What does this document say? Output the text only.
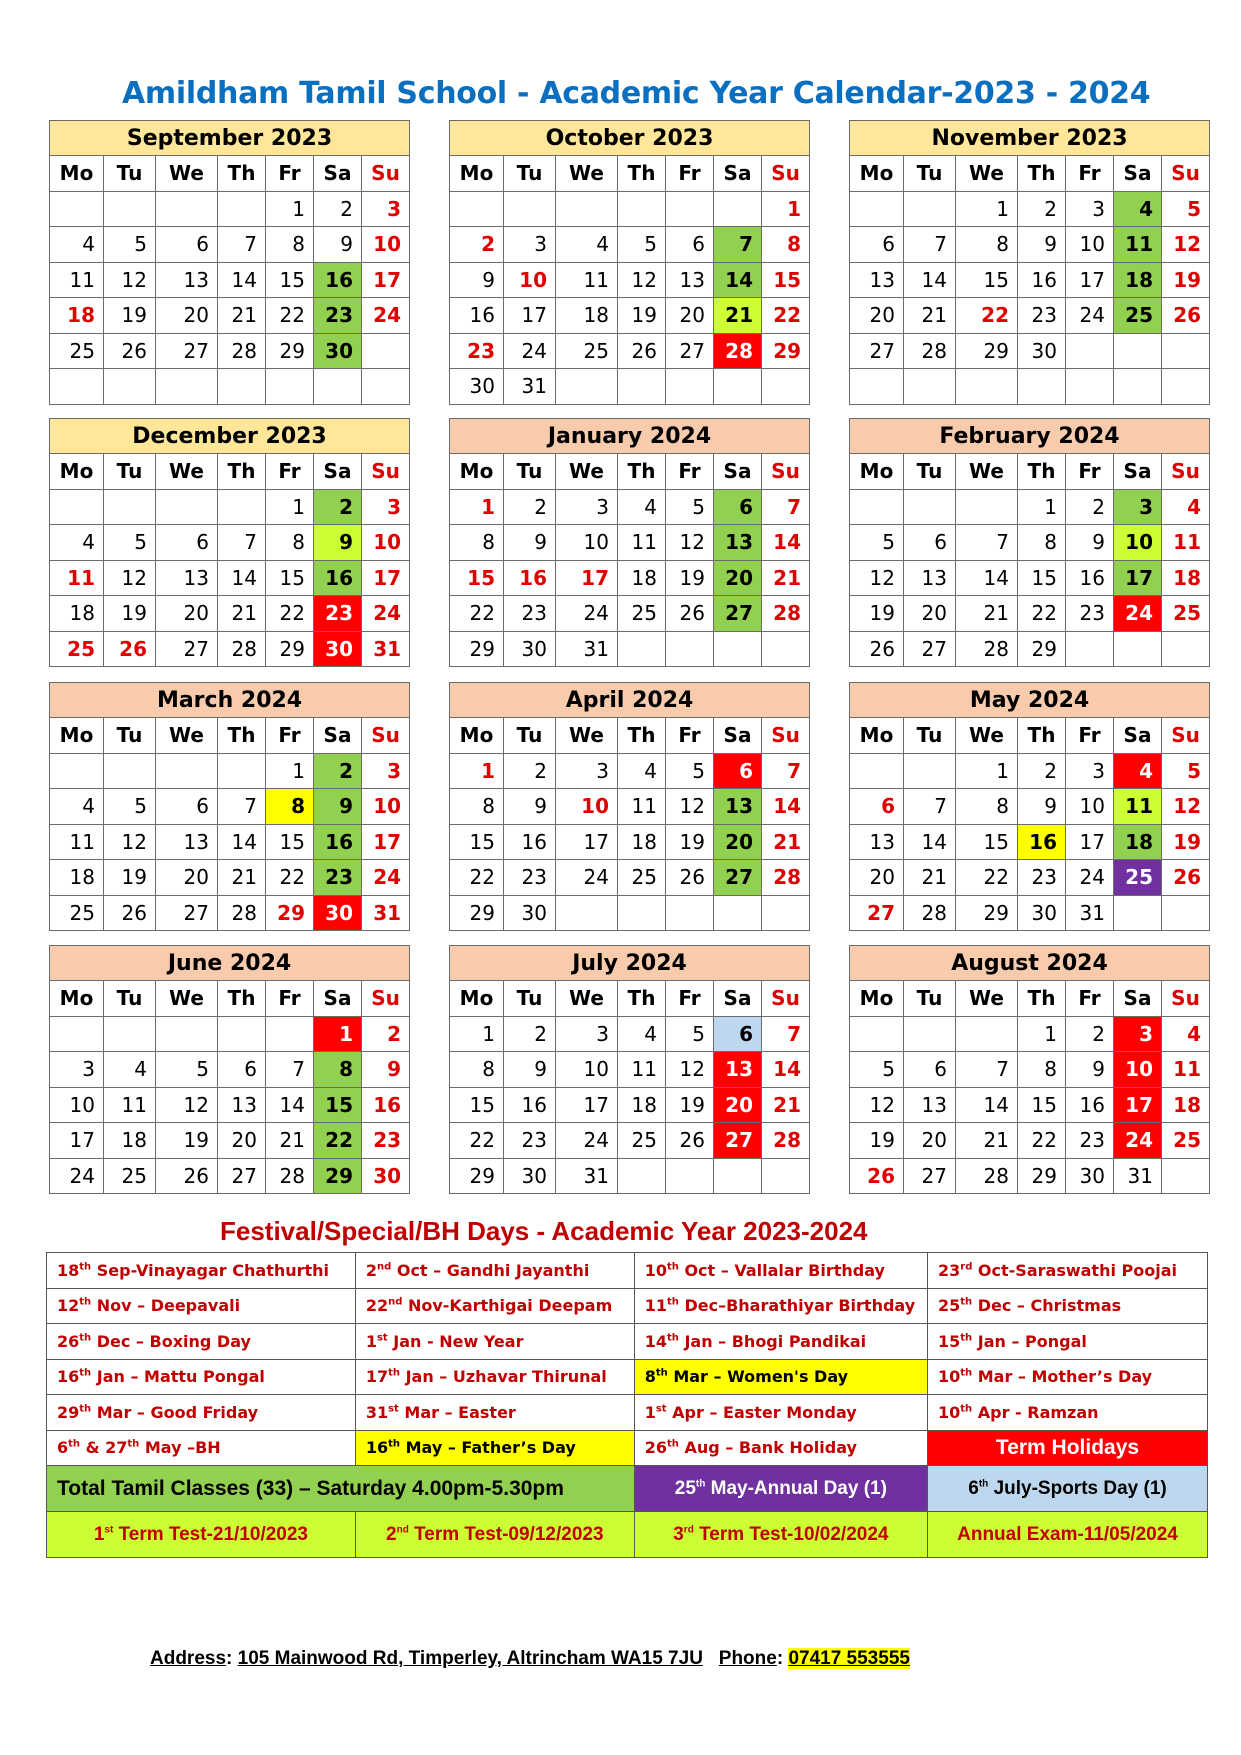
Amildham Tamil School - Academic Year Calendar-2023 - 2024
September 2023						
Mo	Tu	We	Th	Fr	Sa	Su
				1	2	3
4	5	6	7	8	9	10
11	12	13	14	15	16	17
18	19	20	21	22	23	24
25	26	27	28	29	30	

October 2023						
Mo	Tu	We	Th	Fr	Sa	Su
						1
2	3	4	5	6	7	8
9	10	11	12	13	14	15
16	17	18	19	20	21	22
23	24	25	26	27	28	29
30	31					
November 2023						
Mo	Tu	We	Th	Fr	Sa	Su
		1	2	3	4	5
6	7	8	9	10	11	12
13	14	15	16	17	18	19
20	21	22	23	24	25	26
27	28	29	30			

December 2023						
Mo	Tu	We	Th	Fr	Sa	Su
				1	2	3
4	5	6	7	8	9	10
11	12	13	14	15	16	17
18	19	20	21	22	23	24
25	26	27	28	29	30	31
January 2024						
Mo	Tu	We	Th	Fr	Sa	Su
1	2	3	4	5	6	7
8	9	10	11	12	13	14
15	16	17	18	19	20	21
22	23	24	25	26	27	28
29	30	31				
February 2024						
Mo	Tu	We	Th	Fr	Sa	Su
			1	2	3	4
5	6	7	8	9	10	11
12	13	14	15	16	17	18
19	20	21	22	23	24	25
26	27	28	29			
March 2024						
Mo	Tu	We	Th	Fr	Sa	Su
				1	2	3
4	5	6	7	8	9	10
11	12	13	14	15	16	17
18	19	20	21	22	23	24
25	26	27	28	29	30	31
April 2024						
Mo	Tu	We	Th	Fr	Sa	Su
1	2	3	4	5	6	7
8	9	10	11	12	13	14
15	16	17	18	19	20	21
22	23	24	25	26	27	28
29	30					
May 2024						
Mo	Tu	We	Th	Fr	Sa	Su
		1	2	3	4	5
6	7	8	9	10	11	12
13	14	15	16	17	18	19
20	21	22	23	24	25	26
27	28	29	30	31		
June 2024						
Mo	Tu	We	Th	Fr	Sa	Su
					1	2
3	4	5	6	7	8	9
10	11	12	13	14	15	16
17	18	19	20	21	22	23
24	25	26	27	28	29	30
July 2024						
Mo	Tu	We	Th	Fr	Sa	Su
1	2	3	4	5	6	7
8	9	10	11	12	13	14
15	16	17	18	19	20	21
22	23	24	25	26	27	28
29	30	31				
August 2024						
Mo	Tu	We	Th	Fr	Sa	Su
			1	2	3	4
5	6	7	8	9	10	11
12	13	14	15	16	17	18
19	20	21	22	23	24	25
26	27	28	29	30	31	
Festival/Special/BH Days - Academic Year 2023-2024
18th Sep-Vinayagar Chathurthi	2nd Oct – Gandhi Jayanthi	10th Oct – Vallalar Birthday	23rd Oct-Saraswathi Poojai
12th Nov – Deepavali	22nd Nov-Karthigai Deepam	11th Dec–Bharathiyar Birthday	25th Dec – Christmas
26th Dec – Boxing Day	1st Jan - New Year	14th Jan – Bhogi Pandikai	15th Jan – Pongal
16th Jan – Mattu Pongal	17th Jan – Uzhavar Thirunal	8th Mar – Women's Day	10th Mar – Mother’s Day
29th Mar – Good Friday	31st Mar – Easter	1st Apr – Easter Monday	10th Apr - Ramzan
6th & 27th May –BH	16th May – Father’s Day	26th Aug – Bank Holiday	Term Holidays
Total Tamil Classes (33) – Saturday 4.00pm-5.30pm		25th May-Annual Day (1)	6th July-Sports Day (1)
1st Term Test-21/10/2023	2nd Term Test-09/12/2023	3rd Term Test-10/02/2024	Annual Exam-11/05/2024
Address: 105 Mainwood Rd, Timperley, Altrincham WA15 7JU Phone: 07417 553555
